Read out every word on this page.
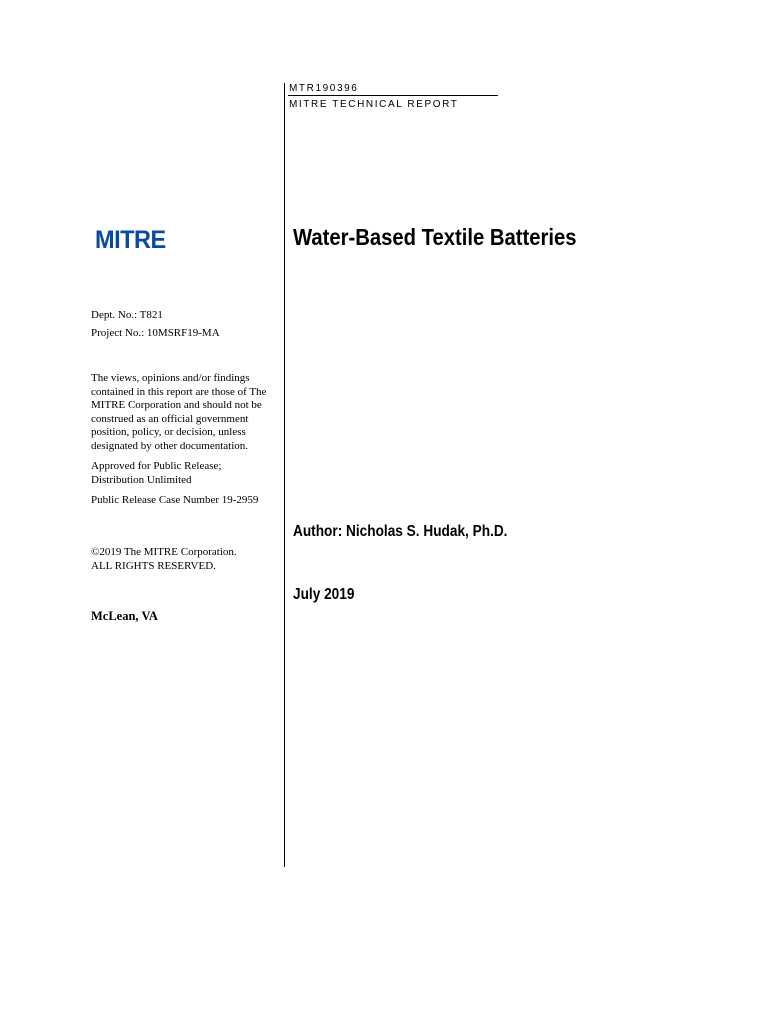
MTR190396

MITRE TECHNICAL REPORT

MITRE	Water-Based Textile Batteries

Dept. No.: T821

Project No.: 10MSRF19-MA

The views, opinions and/or findings contained in this report are those of The MITRE Corporation and should not be construed as an official government position, policy, or decision, unless designated by other documentation.

Approved for Public Release; Distribution Unlimited

Public Release Case Number 19-2959

©2019 The MITRE Corporation.
ALL RIGHTS RESERVED.

McLean, VA

Author: Nicholas S. Hudak, Ph.D.

July 2019
